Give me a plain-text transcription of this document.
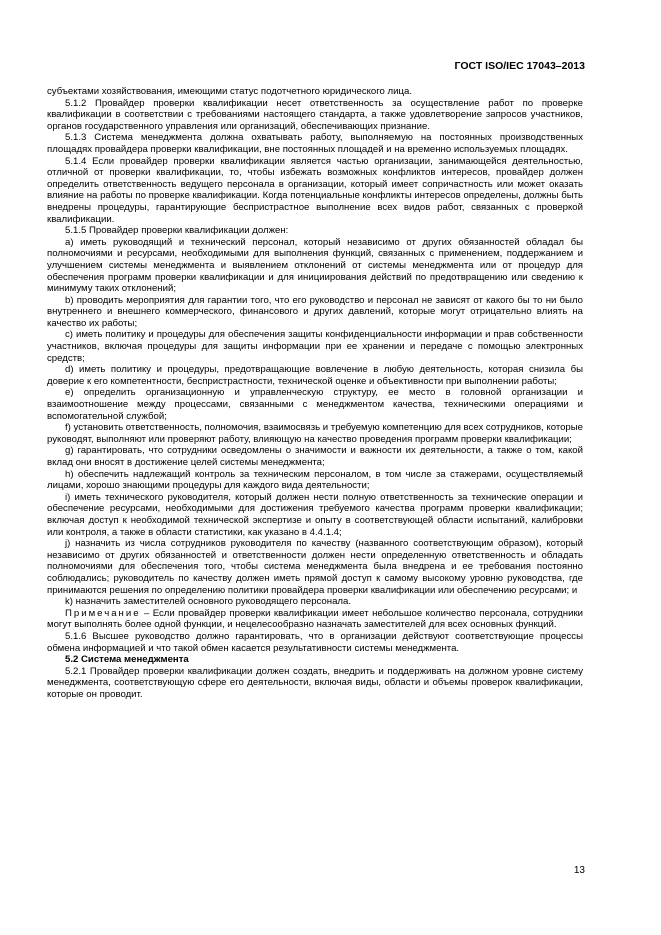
ГОСТ ISO/IEC 17043–2013

субъектами хозяйствования, имеющими статус подотчетного юридического лица.

5.1.2 Провайдер проверки квалификации несет ответственность за осуществление работ по проверке квалификации в соответствии с требованиями настоящего стандарта, а также удовлетворение запросов участников, органов государственного управления или организаций, обеспечивающих признание.

5.1.3 Система менеджмента должна охватывать работу, выполняемую на постоянных производственных площадях провайдера проверки квалификации, вне постоянных площадей и на временно используемых площадях.

5.1.4 Если провайдер проверки квалификации является частью организации, занимающейся деятельностью, отличной от проверки квалификации, то, чтобы избежать возможных конфликтов интересов, провайдер должен определить ответственность ведущего персонала в организации, который имеет сопричастность или может оказать влияние на работы по проверке квалификации. Когда потенциальные конфликты интересов определены, должны быть внедрены процедуры, гарантирующие беспристрастное выполнение всех видов работ, связанных с проверкой квалификации.

5.1.5 Провайдер проверки квалификации должен:

а) иметь руководящий и технический персонал, который независимо от других обязанностей обладал бы полномочиями и ресурсами, необходимыми для выполнения функций, связанных с применением, поддержанием и улучшением системы менеджмента и выявлением отклонений от системы менеджмента или от процедур для обеспечения программ проверки квалификации и для инициирования действий по предотвращению или сведению к минимуму таких отклонений;

b) проводить мероприятия для гарантии того, что его руководство и персонал не зависят от какого бы то ни было внутреннего и внешнего коммерческого, финансового и других давлений, которые могут отрицательно влиять на качество их работы;

c) иметь политику и процедуры для обеспечения защиты конфиденциальности информации и прав собственности участников, включая процедуры для защиты информации при ее хранении и передаче с помощью электронных средств;

d) иметь политику и процедуры, предотвращающие вовлечение в любую деятельность, которая снизила бы доверие к его компетентности, беспристрастности, технической оценке и объективности при выполнении работы;

e) определить организационную и управленческую структуру, ее место в головной организации и взаимоотношение между процессами, связанными с менеджментом качества, техническими операциями и вспомогательной службой;

f) установить ответственность, полномочия, взаимосвязь и требуемую компетенцию для всех сотрудников, которые руководят, выполняют или проверяют работу, влияющую на качество проведения программ проверки квалификации;

g) гарантировать, что сотрудники осведомлены о значимости и важности их деятельности, а также о том, какой вклад они вносят в достижение целей системы менеджмента;

h) обеспечить надлежащий контроль за техническим персоналом, в том числе за стажерами, осуществляемый лицами, хорошо знающими процедуры для каждого вида деятельности;

i) иметь технического руководителя, который должен нести полную ответственность за технические операции и обеспечение ресурсами, необходимыми для достижения требуемого качества программ проверки квалификации; включая доступ к необходимой технической экспертизе и опыту в соответствующей области испытаний, калибровки или контроля, а также в области статистики, как указано в 4.4.1.4;

j) назначить из числа сотрудников руководителя по качеству (названного соответствующим образом), который независимо от других обязанностей и ответственности должен нести определенную ответственность и обладать полномочиями для обеспечения того, чтобы система менеджмента была внедрена и ее требования постоянно соблюдались; руководитель по качеству должен иметь прямой доступ к самому высокому уровню руководства, где принимаются решения по определению политики провайдера проверки квалификации или обеспечению ресурсами; и

k) назначить заместителей основного руководящего персонала.

Примечание – Если провайдер проверки квалификации имеет небольшое количество персонала, сотрудники могут выполнять более одной функции, и нецелесообразно назначать заместителей для всех основных функций.

5.1.6 Высшее руководство должно гарантировать, что в организации действуют соответствующие процессы обмена информацией и что такой обмен касается результативности системы менеджмента.

5.2 Система менеджмента

5.2.1 Провайдер проверки квалификации должен создать, внедрить и поддерживать на должном уровне систему менеджмента, соответствующую сфере его деятельности, включая виды, области и объемы проверок квалификации, которые он проводит.

13
